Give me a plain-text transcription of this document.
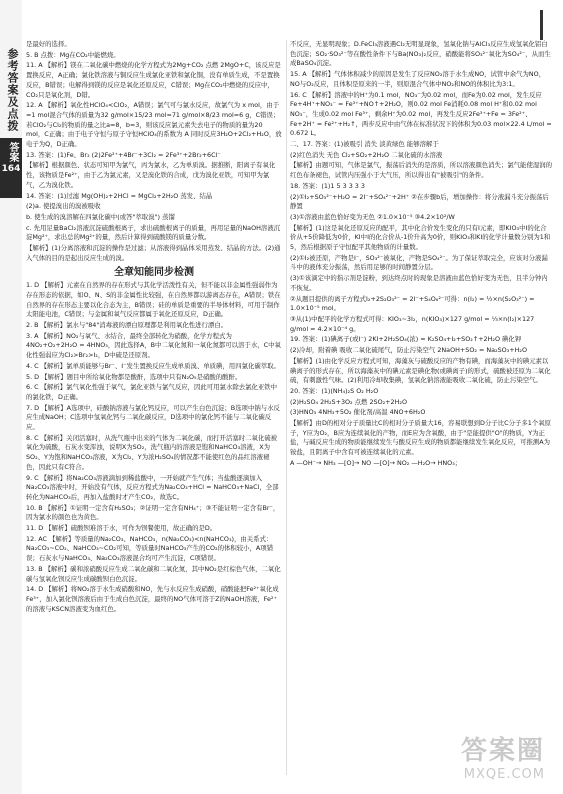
参考答案及点拨
答案
164

是最好的选择。

5. B 点拨：Mg在CO₂中能燃烧。

11. A 【解析】镁在二氧化碳中燃烧的化学方程式为2Mg+CO₂ 点燃 2MgO+C，该反应是置换反应，A正确；氯化铁溶液与铜反应生成氯化亚铁和氯化铜，没有单质生成，不是置换反应，B错误；电解得到镁的反应是氧化还原反应，C错误；Mg在CO₂中燃烧的反应中，CO₂只是氧化剂，D错。

12. A 【解析】氧化性HClO₄<ClO₂，A错误；氯气可与氯水反应，故氯气为 x mol，由于=1 mol混合气体的质量为32 g/mol×15/23 mol=71 g/mol×8/23 mol=6 g，C错误；若ClO₂与Cl₂的物质的量之比a=8，b=3，则该反应氯元素失去电子的物质的量为20 mol，C正确；由于电子守恒与原子守恒HClO₄的系数为 A 同时反应3H₂O+2Cl₂+H₂O，放电子为Q，D正确。

13. 答案：(1)Fe、Br₂ (2)2Fe²⁺+4Br⁻+3Cl₂ = 2Fe³⁺+2Br₂+6Cl⁻

【解析】根据颜色、状态可知甲为氯气，丙为氯水，乙为单质溴。据推断，阳离子有氧化性，该物质是Fe²⁺，由于乙为氯元素，又是溴化铁的合成，戊为溴化亚铁，可知甲为氯气，乙为溴化铁。

14. 答案：(1)过滤 Mg(OH)₂+2HCl = MgCl₂+2H₂O 蒸发、结晶

(2)a. 使提溴出的溴被吸收

b. 使生成的溴溶解在四氯化碳中(或答"萃取溴") 蒸馏

c. 先用足量BaCl₂溶液沉淀硫酸根离子，求出硫酸根离子的质量，再用足量的NaOH溶液沉淀Mg²⁺，求出总的Mg²⁺的量，然后计算得到硫酸镁的质量分数。

【解析】(1)分离溶液和沉淀的操作是过滤；从溶液得到晶体采用蒸发、结晶的方法。(2)通入气体的目的是起出反应生成的溴。

全章知能同步检测

1. D 【解析】元素在自然界的存在形式与其化学活泼性有关，但不能以非金属性强弱作为存在形态的依据，如O、N、S的非金属性比较强，在自然界都以游离态存在，A错误；铁在自然界的存在形态主要以化合态为主，B错误；硅的单质是重要的半导体材料，可用于制作太阳能电池，C错误；与金属和氧气反应都属于氧化还原反应，D正确。

2. B 【解析】氯水与"84"消毒液的漂白原理都是利用氧化性进行漂白。

3. A 【解析】NO₂与氧气、水结合，最终全部转化为硝酸，化学方程式为4NO₂+O₂+2H₂O = 4HNO₃，因此选择A，B中二氧化氮和一氧化氮都可以溶于水，C中氧化性强弱应为Cl₂>Br₂>I₂，D中硫是还原剂。

4. C 【解析】氯单质能够与Br⁻、I⁻发生置换反应生成单质溴、单质碘，用四氯化碳萃取。

5. D 【解析】题目中所给氧化物都是酸酐，选项中只有N₂O₅是硝酸的酸酐。

6. C 【解析】氯气氧化性强于氧气，氯化亚铁与氯气反应，因此可用氯水除去氯化亚铁中的氯化铁，D正确。

7. D 【解析】A选项中，硅酸钠溶液与氯化钙反应，可以产生白色沉淀；B选项中钠与水反应生成NaOH；C选项中氢氧化钙与二氧化碳反应，D选项中的氯化钙不能与二氧化碳反应。

8. C 【解析】关闭活塞时，从洗气瓶中出来的气体为二氧化碳，而打开活塞时二氧化硫被氧化为硫酸，石灰水变浑浊，说明X为SO₂，洗气瓶内的溶液是饱和NaHCO₃溶液，X为SO₂、Y为饱和NaHCO₃溶液，X为Cl₂、Y为浓H₂SO₄的情况都不能使红色的品红溶液褪色，因此只有C符合。

9. C 【解析】将Na₂CO₃溶液滴加到稀盐酸中，一开始就产生气体；当盐酸逐滴加入Na₂CO₃溶液中时，开始没有气体，反应方程式为Na₂CO₃+HCl = NaHCO₃+NaCl，全部转化为NaHCO₃后，再加入盐酸时才产生CO₂，故选C。

10. B 【解析】①证明一定含有H₂SO₃；②证明一定含有NH₄⁺；③不能证明一定含有Br⁻，因为氯水的颜色也为黄色。

11. D 【解析】硫酸钡难溶于水，可作为钡餐使用，故正确的是D。

12. AC 【解析】等质量的Na₂CO₃、NaHCO₃，n(Na₂CO₃)<n(NaHCO₃)，由关系式：Na₂CO₃~CO₂、NaHCO₃~CO₂可知，等质量时NaHCO₃产生的CO₂的体积较小，A项错误；石灰水与NaHCO₃、Na₂CO₃溶液混合均可产生沉淀，C项错误。

13. B 【解析】碳和浓硝酸反应生成二氧化碳和二氧化氮，其中NO₂是红棕色气体，二氧化碳与氢氧化钡反应生成碳酸钡白色沉淀。

14. D 【解析】将NO₂溶于水生成硝酸和NO，先与水反应生成硝酸，硝酸能把Fe²⁺氧化成Fe³⁺，加入氯化钡溶液后由于生成白色沉淀，最终的NO气体可溶于Z的NaOH溶液，Fe²⁺的溶液与KSCN溶液变为血红色。

不反应，无显明现象；D.FeCl₃溶液遇Cl₂无明显现象，氢氧化钠与AlCl₃反应生成氢氧化铝白色沉淀；SO₂·SO₃²⁻等在酸性条件下与Ba(NO₃)₂反应，硝酸能将SO₃²⁻氧化为SO₄²⁻，从而生成BaSO₄沉淀。

15. A 【解析】气体体积减少的原因是发生了反应NO₂溶于水生成NO，试管中余气为NO，NO与O₂反应，且体积是原来的一半，则原混合气体中NO₂和NO的体积比为3:1。

16. C 【解析】溶液中的H⁺为0.1 mol，NO₃⁻为0.02 mol，而Fe为0.02 mol，发生反应Fe+4H⁺+NO₃⁻ = Fe³⁺+NO↑+2H₂O，则0.02 mol Fe消耗0.08 mol H⁺和0.02 mol NO₃⁻，生成0.02 mol Fe³⁺，剩余H⁺为0.02 mol，再发生反应2Fe³⁺+Fe = 3Fe²⁺、Fe+2H⁺ = Fe²⁺+H₂↑，两步反应中由气体在标准状况下的体积为0.03 mol×22.4 L/mol = 0.672 L。

二、17. 答案：(1)被吸引 消失 淡黄绿色 能够溶解于

(2)红色消失 无色 Cl₂+SO₂+2H₂O 二氧化硫的水溶液

【解析】由题可知，气体是氯气，振荡后消失的是溶质，所以溶液颜色消失；氯气能使湿润的红色布条褪色，试管内压强小于大气压，所以得出有"被吸引"的条件。

18. 答案：(1)1 5 3 3 3 3

(2)①I₂+SO₃²⁻+H₂O = 2I⁻+SO₄²⁻+2H⁺ ②在步骤b后，增加操作：将分液漏斗充分振荡后静置

(3)①溶液由蓝色恰好变为无色 ②1.0×10⁻⁵ ③4.2×10²/W

【解析】(1)这是氧化还原反应的配平，其中化合价发生变化的只有I元素，即KIO₃中I的化合价从+5价降低为0价，KI中I的化合价从-1价升高为0价，则KIO₃和KI的化学计量数分别为1和5，然后根据原子守恒配平其他物质的计量数。

(2)①I₂被还原，产物是I⁻，SO₃²⁻被氧化，产物是SO₄²⁻。为了保证萃取完全，应该对分液漏斗中的液体充分振荡，然后用足够的时间静置分层。

(3)①该滴定中的指示剂是淀粉，到达终点时的现象是溶液由蓝色恰好变为无色，且半分钟内不恢复。

②从题目提供的离子方程式I₂+2S₂O₃²⁻ = 2I⁻+S₄O₆²⁻可得：n(I₂) = ½×n(S₂O₃²⁻) = 1.0×10⁻⁵ mol。

③从(1)中配平的化学方程式可得：KIO₃~3I₂，n(KIO₃)×127 g/mol = ⅓×n(I₂)×127 g/mol = 4.2×10⁻⁴ g。

19. 答案：(1)碘离子(或I⁻) 2KI+2H₂SO₄(浓) = K₂SO₄+I₂+SO₂↑+2H₂O 碘化钾

(2)冷却，附着碘 吸收二氧化硫尾气，防止污染空气 2NaOH+SO₂ = Na₂SO₃+H₂O

【解析】(1)由化学反应方程式可知，海藻灰与硫酸反应的产物有碘，而海藻灰中的碘元素以碘离子的形式存在，所以海藻灰中的碘元素是碘化物(或碘离子)的形式，硫酸被还原为二氧化硫，有刺激性气味。(2)利用冷却收集碘，氢氧化钠溶液能吸收二氧化硫，防止污染空气。

20. 答案：(1)(NH₄)₂S O₂ H₂O

(2)H₂SO₄ 2H₂S+3O₂ 点燃 2SO₂+2H₂O

(3)HNO₃ 4NH₃+5O₂ 催化剂/高温 4NO+6H₂O

【解析】由D的相对分子质量比C的相对分子质量大16，容易联想到D分子比C分子多1个氧原子，Y应为O₂，B应为连续氧化的产物，而E应为含氧酸，由于"是能提供"O"的物质，Y为正盐，与碱反应生成的物质能继续发生与酸反应生成的物质都能继续发生氧化反应，可推测A为铵盐，且阴离子中含有可被连续氧化的元素。

A —OH⁻→ NH₃ —[O]→ NO —[O]→ NO₂ —H₂O→ HNO₃；

答案圈
MXQE.COM
